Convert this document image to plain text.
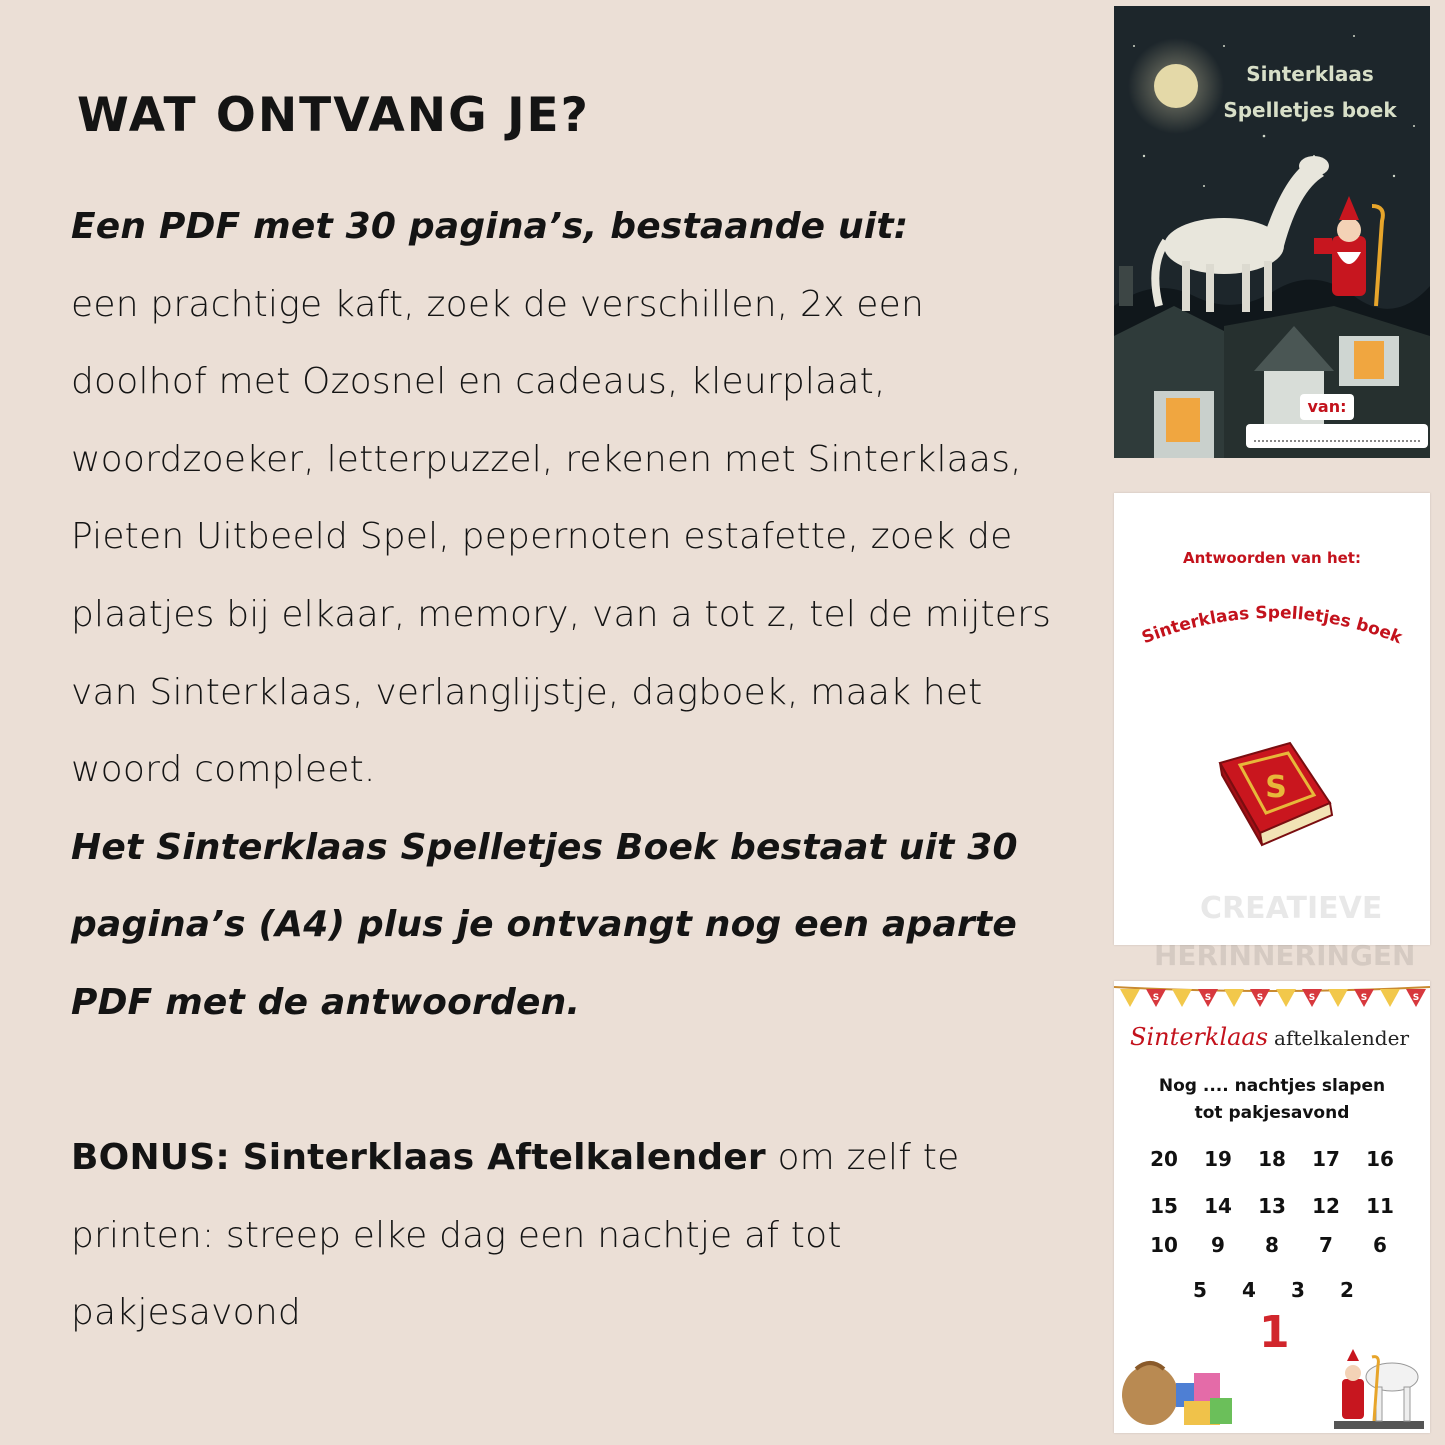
WAT ONTVANG JE?
Een PDF met 30 pagina’s, bestaande uit:
een prachtige kaft, zoek de verschillen, 2x een doolhof met Ozosnel en cadeaus, kleurplaat, woordzoeker, letterpuzzel, rekenen met Sinterklaas, Pieten Uitbeeld Spel, pepernoten estafette, zoek de plaatjes bij elkaar, memory, van a tot z, tel de mijters van Sinterklaas, verlanglijstje, dagboek, maak het woord compleet.
Het Sinterklaas Spelletjes Boek bestaat uit 30 pagina’s (A4) plus je ontvangt nog een aparte PDF met de antwoorden.
BONUS: Sinterklaas Aftelkalender om zelf te printen: streep elke dag een nachtje af tot pakjesavond
Sinterklaas
Spelletjes boek
van:
Antwoorden van het:
Sinterklaas Spelletjes boek
S
CREATIEVE
HERINNERINGEN
S	S	S	S	S	S
Sinterklaas aftelkalender
Nog .... nachtjes slapen
tot pakjesavond
20 19 18 17 16
15 14 13 12 11
10	9	8	7	6
5	4	3	2
1
